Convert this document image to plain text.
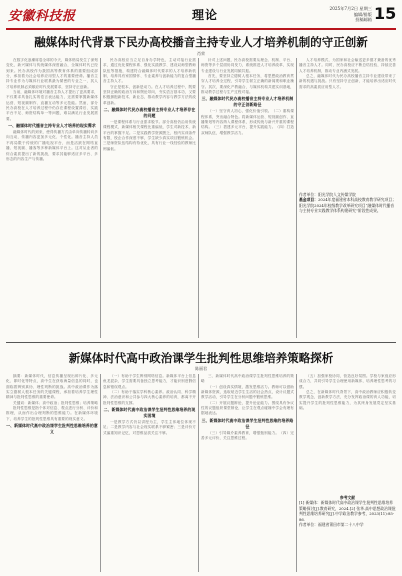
安徽科技报	理论	2025年7月2日 星期三
编辑/排版
投稿邮箱 15
融媒体时代背景下民办高校播音主持专业人才培养机制的守正创新
肖荣

在数字化浪潮席卷全球的今天，媒体格局发生了深刻变化，新兴媒体与传统媒体深度融合，全媒体时代已经到来。民办高校作为我国高等教育体系的重要组成部分，承担着为社会培养应用型人才的重要使命。播音主持专业作为与媒体行业联系最为紧密的专业之一，其人才培养机制必须顺应时代发展要求，坚持守正创新。

当前，融媒体环境对播音主持人才提出了更高要求，不仅要求具备扎实的语言表达能力，还需要掌握新媒体运营、短视频制作、直播互动等多元技能。然而，部分民办高校在人才培养过程中仍存在课程设置滞后、实践平台不足、师资结构单一等问题，难以满足行业发展需要。

一、融媒体时代播音主持专业人才培养的现实需求

融媒体时代的到来，使得传播方式由单向传播转向多向互动，传播内容更加多元化、个性化。播音主持人员不再局限于传统的广播电视平台，而是活跃在网络直播、短视频、播客等多种新媒体平台上。这对从业者的综合素质提出了新的挑战，要求其能够适应多平台、多形态的内容生产与传播。

民办高校应当立足自身办学特色，主动对接行业需求，通过优化课程体系、强化实践教学、建设双师型教师队伍等措施，构建符合融媒体时代要求的人才培养新机制，培养具有家国情怀、专业素养与创新能力的复合型播音主持人才。

守正是根本，创新是动力。在人才培养过程中，既要坚持正确的政治方向和舆论导向，夯实语言基本功，又要积极拥抱新技术、新业态，推动教学内容与教学方法的改革创新。

二、融媒体时代民办高校播音主持专业人才培养存在的问题

一是课程体系与行业需求脱节。部分高校仍沿用传统课程模式，新媒体相关课程比重偏低，学生对新技术、新平台的掌握不足。二是实践教学资源匮乏，校内实训条件有限，校企合作深度不够，学生缺少真实项目锻炼机会。三是师资队伍结构有待优化，具有行业一线经验的教师比例偏低。

针对上述问题，民办高校需要从理念、机制、平台、师资等多个层面协同发力，系统推进人才培养改革，实现专业建设与行业发展同频共振。

首先，要坚持立德树人根本任务，将思想政治教育贯穿人才培养全过程，引导学生树立正确的新闻观和职业操守。其次，要深化产教融合，与媒体机构共建实训基地，推动教学过程与生产过程对接。

三、融媒体时代民办高校播音主持专业人才培养机制的守正创新路径

（一）坚守育人初心，强化价值引领。（二）重构课程体系，突出融合特色。将新媒体运营、短视频创作、直播策划等内容纳入课程体系，形成传统与新兴并重的课程结构。（三）搭建多元平台，提升实践能力。（四）打造双师队伍，增强教学活力。

人才培养模式，为国家和社会输送更多德才兼备的优秀播音主持人才。同时，民办高校应不断总结经验，持续完善人才培养机制，推动专业内涵式发展。

总之，融媒体时代为民办高校播音主持专业建设带来了新的机遇与挑战。只有坚持守正创新，才能培养出适应时代需求的高素质应用型人才。

作者单位：阳光学院人文传媒学院
基金项目：2024年度福建省本科高校教育教学研究项目；阳光学院2024年校级教学改革研究项目“融媒体时代播音与主持专业实践教学体系构建研究”阶段性成果。
新媒体时代高中政治课学生批判性思维培养策略探析
陈丽君

摘要：新媒体时代，信息传播呈现出碎片化、多元化、即时化等特点，高中生在获取海量信息的同时，也面临着辨别真伪、理性判断的挑战。高中政治课作为落实立德树人根本任务的关键课程，承担着培养学生理性精神与批判性思维的重要使命。

关键词：新媒体；高中政治；批判性思维；培养策略

批判性思维是指个体对信息、观点进行分析、评价和推理，从而作出合理判断的思维能力。在新媒体环境下，培养学生的批判性思维具有重要的现实意义。

一、新媒体时代高中政治课学生批判性思维培养的意义

（一）有助于学生辨别网络信息。新媒体平台上信息鱼龙混杂，学生需要具备独立思考能力，才能识别虚假信息和错误观点。

（二）有助于落实学科核心素养。政治认同、科学精神、法治意识和公共参与四大核心素养的培育，都离不开批判性思维的支撑。

二、新媒体时代高中政治课学生批判性思维培养的现实困境

一是教学方式仍以讲授为主，学生主体地位体现不足；二是教学内容与社会现实联系不够紧密；三是评价方式偏重知识记忆，对思维品质关注不够。

三、新媒体时代高中政治课学生批判性思维培养的策略

（一）创设真实情境，激发思维活力。教师可以借助新媒体资源，选取贴近学生生活的社会热点，设计议题式教学活动，引导学生在分析问题中锻炼思维。

（二）开展议题辩论，提升论证能力。围绕具有争议性的议题组织课堂辩论，让学生在观点碰撞中学会有理有据地表达。

三、新媒体时代高中政治课学生批判性思维的培养路径

（三）引导媒介素养教育，增强甄别能力。（四）完善多元评价，关注思维过程。

（五）加强家校协同，营造良好氛围。学校与家庭应形成合力，共同引导学生合理使用新媒体，培养理性思考的习惯。

总之，在新媒体时代背景下，高中政治教师应积极转变教学观念，创新教学方法，充分发挥政治课的育人功能，切实提升学生的批判性思维能力，为其终身发展奠定坚实基础。

参考文献
[1] 新媒体：新媒体时代高中政治课学生批判性思维培养策略探讨[J].教育研究，2024.[2] 张华.高中思想政治课批判性思维培养研究[J].中学政治教学参考，2023(11):85-86.
作者单位：福建省莆田市第二十八中学
